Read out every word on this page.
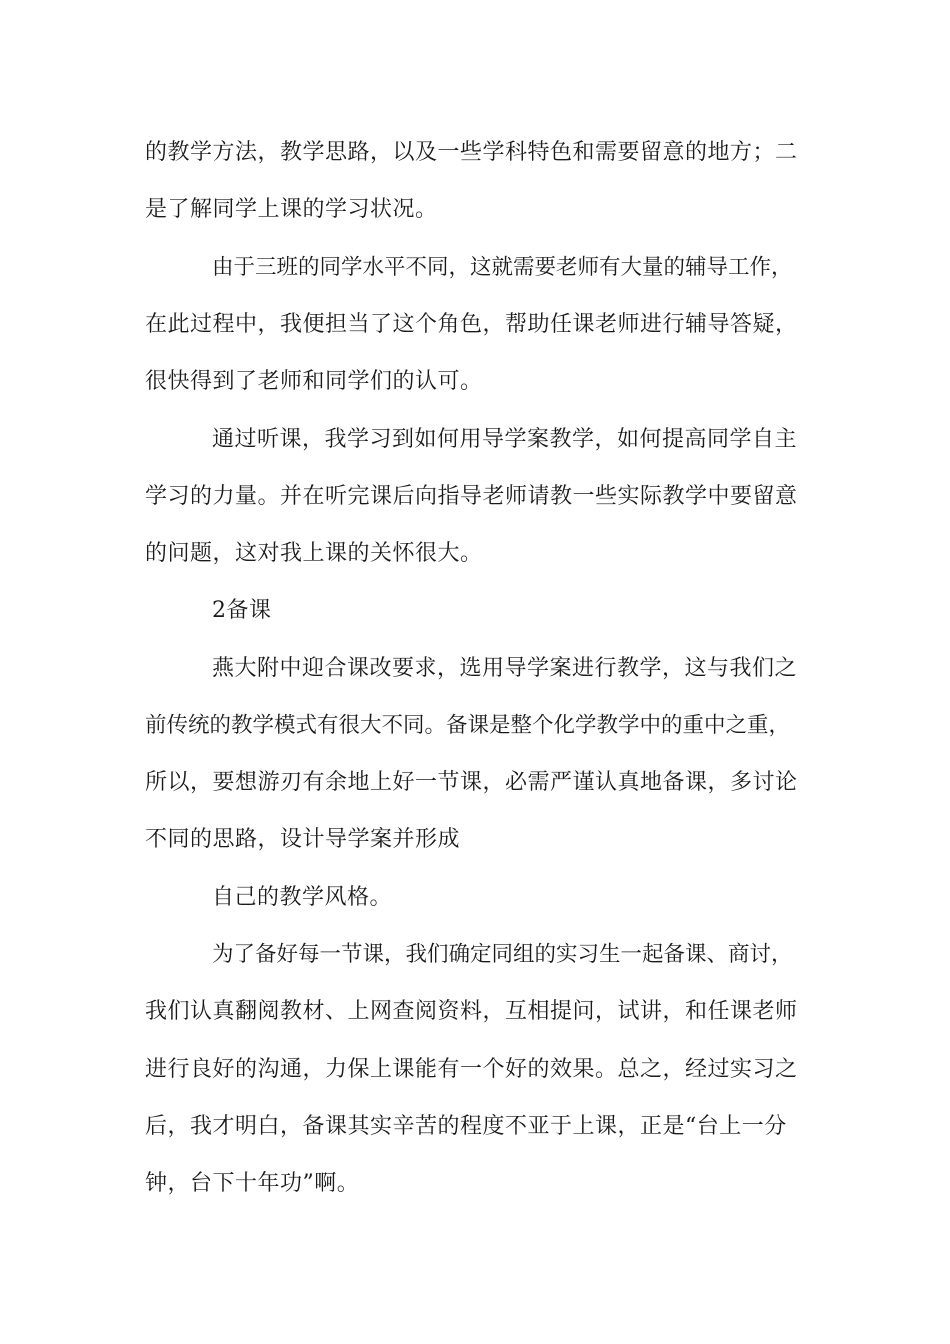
的教学方法，教学思路，以及一些学科特色和需要留意的地方；二
是了解同学上课的学习状况。
由于三班的同学水平不同，这就需要老师有大量的辅导工作，
在此过程中，我便担当了这个角色，帮助任课老师进行辅导答疑，
很快得到了老师和同学们的认可。
通过听课，我学习到如何用导学案教学，如何提高同学自主
学习的力量。并在听完课后向指导老师请教一些实际教学中要留意
的问题，这对我上课的关怀很大。
2备课
燕大附中迎合课改要求，选用导学案进行教学，这与我们之
前传统的教学模式有很大不同。备课是整个化学教学中的重中之重，
所以，要想游刃有余地上好一节课，必需严谨认真地备课，多讨论
不同的思路，设计导学案并形成
自己的教学风格。
为了备好每一节课，我们确定同组的实习生一起备课、商讨，
我们认真翻阅教材、上网查阅资料，互相提问，试讲，和任课老师
进行良好的沟通，力保上课能有一个好的效果。总之，经过实习之
后，我才明白，备课其实辛苦的程度不亚于上课，正是“台上一分
钟，台下十年功”啊。
